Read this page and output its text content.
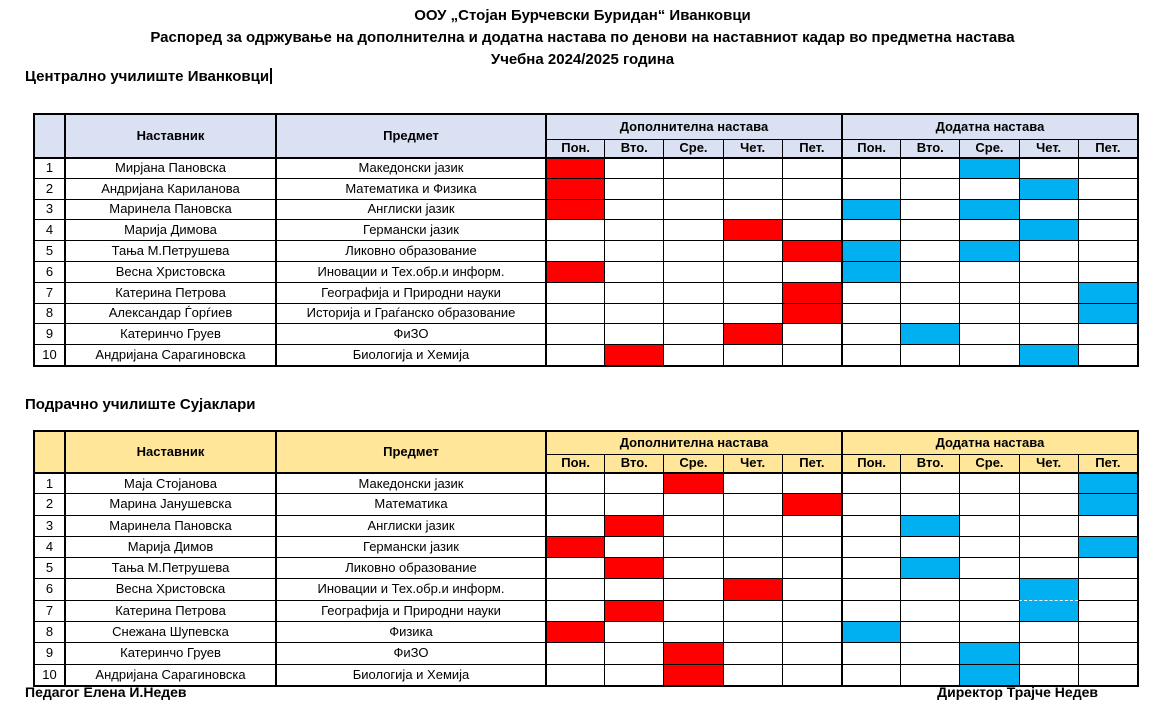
ООУ „Стојан Бурчевски Буридан“ Иванковци
Распоред за одржување на дополнителна и додатна настава по денови на наставниот кадар во предметна настава
Учебна 2024/2025 година
Централно училиште Иванковци
	Наставник	Предмет	Дополнителна настава					Додатна настава				
			Пон.	Вто.	Сре.	Чет.	Пет.	Пон.	Вто.	Сре.	Чет.	Пет.
1	Мирјана Пановска	Македонски јазик										
2	Андријана Кариланова	Математика и Физика										
3	Маринела Пановска	Англиски јазик										
4	Марија Димова	Германски јазик										
5	Тања М.Петрушева	Ликовно образование										
6	Весна Христовска	Иновации и Тех.обр.и информ.										
7	Катерина Петрова	Географија и Природни науки										
8	Александар Ѓорѓиев	Историја и Граѓанско образование										
9	Катеринчо Груев	ФиЗО										
10	Андријана Сарагиновска	Биологија и Хемија										
Подрачно училиште Сујаклари
	Наставник	Предмет	Дополнителна настава					Додатна настава				
			Пон.	Вто.	Сре.	Чет.	Пет.	Пон.	Вто.	Сре.	Чет.	Пет.
1	Маја Стојанова	Македонски јазик										
2	Марина Јанушевска	Математика										
3	Маринела Пановска	Англиски јазик										
4	Марија Димов	Германски јазик										
5	Тања М.Петрушева	Ликовно образование										
6	Весна Христовска	Иновации и Тех.обр.и информ.										
7	Катерина Петрова	Географија и Природни науки										
8	Снежана Шупевска	Физика										
9	Катеринчо Груев	ФиЗО										
10	Андријана Сарагиновска	Биологија и Хемија										
Педагог Елена И.Недев	Директор Трајче Недев
